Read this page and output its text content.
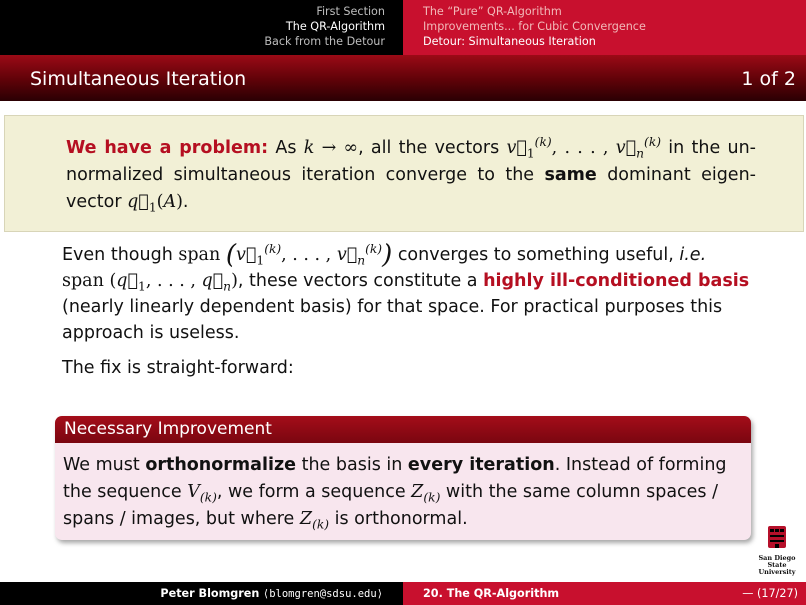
First Section
The QR-Algorithm
Back from the Detour
The “Pure” QR-Algorithm
Improvements... for Cubic Convergence
Detour: Simultaneous Iteration
Simultaneous Iteration	1 of 2
We have a problem: As k → ∞, all the vectors $v⃗_1^{(k)}$, . . . , $v⃗_n^{(k)}$ in the un-normalized simultaneous iteration converge to the same dominant eigen-vector $q⃗_1(A)$.

Even though span ($v⃗_1^{(k)}$, . . . , $v⃗_n^{(k)}$) converges to something useful, i.e.
span ($q⃗_1$, . . . , $q⃗_n$), these vectors constitute a highly ill-conditioned basis (nearly linearly dependent basis) for that space. For practical purposes this approach is useless.

The fix is straight-forward:

Necessary Improvement
We must orthonormalize the basis in every iteration. Instead of forming the sequence $V_{(k)}$, we form a sequence $Z_{(k)}$ with the same column spaces / spans / images, but where $Z_{(k)}$ is orthonormal.
San Diego State
University
Peter Blomgren ⟨blomgren@sdsu.edu⟩	20. The QR-Algorithm	— (17/27)
